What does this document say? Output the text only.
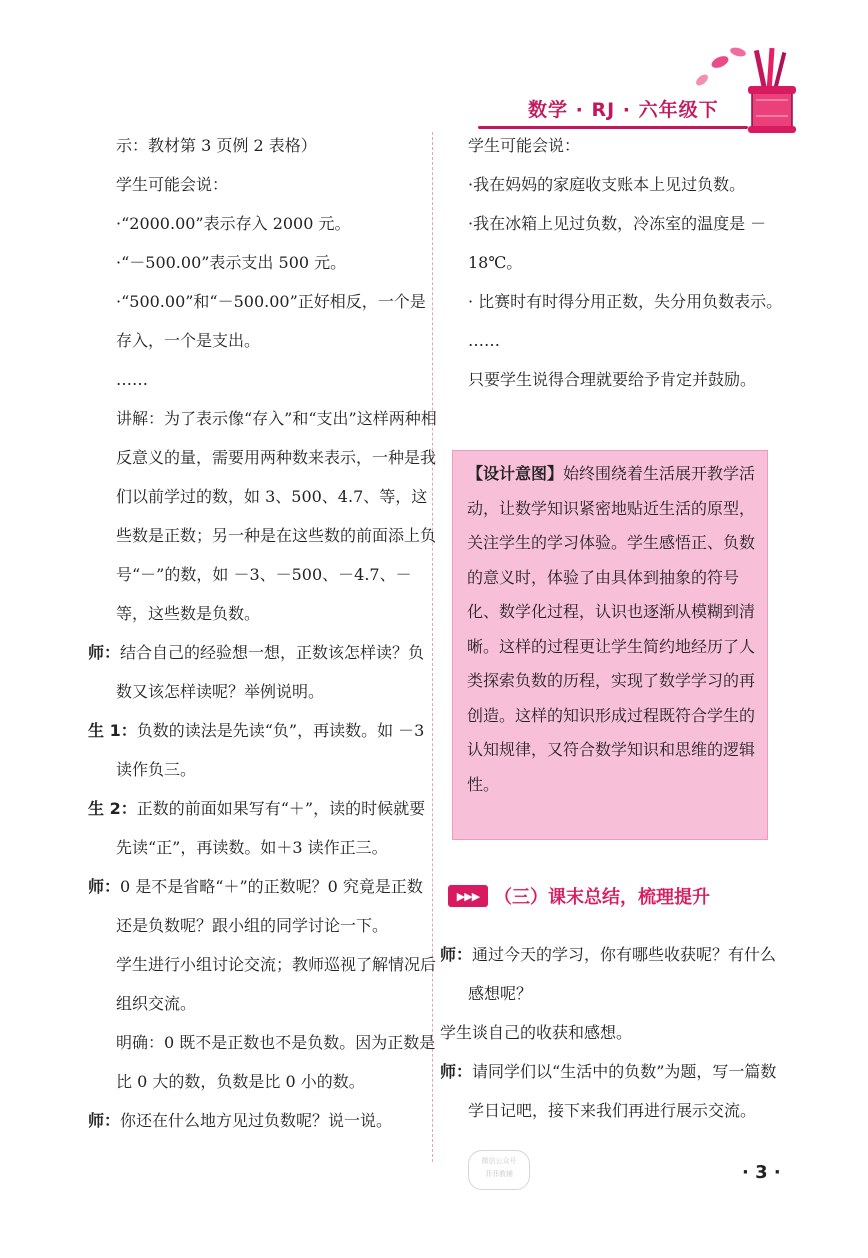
数学 · RJ · 六年级下

示：教材第 3 页例 2 表格）

学生可能会说：

·“2000.00”表示存入 2000 元。

·“－500.00”表示支出 500 元。

·“500.00”和“－500.00”正好相反，一个是存入，一个是支出。

……

讲解：为了表示像“存入”和“支出”这样两种相反意义的量，需要用两种数来表示，一种是我们以前学过的数，如 3、500、4.7、等，这些数是正数；另一种是在这些数的前面添上负号“－”的数，如 －3、－500、－4.7、－等，这些数是负数。

师：结合自己的经验想一想，正数该怎样读？负数又该怎样读呢？举例说明。

生 1：负数的读法是先读“负”，再读数。如 －3读作负三。

生 2：正数的前面如果写有“＋”，读的时候就要先读“正”，再读数。如＋3 读作正三。

师：0 是不是省略“＋”的正数呢？0 究竟是正数还是负数呢？跟小组的同学讨论一下。

学生进行小组讨论交流；教师巡视了解情况后组织交流。

明确：0 既不是正数也不是负数。因为正数是比 0 大的数，负数是比 0 小的数。

师：你还在什么地方见过负数呢？说一说。

学生可能会说：

·我在妈妈的家庭收支账本上见过负数。

·我在冰箱上见过负数，冷冻室的温度是 －18℃。

· 比赛时有时得分用正数，失分用负数表示。

……

只要学生说得合理就要给予肯定并鼓励。

【设计意图】始终围绕着生活展开教学活动，让数学知识紧密地贴近生活的原型，关注学生的学习体验。学生感悟正、负数的意义时，体验了由具体到抽象的符号化、数学化过程，认识也逐渐从模糊到清晰。这样的过程更让学生简约地经历了人类探索负数的历程，实现了数学学习的再创造。这样的知识形成过程既符合学生的认知规律，又符合数学知识和思维的逻辑性。

▶▶▶ （三）课末总结，梳理提升

师：通过今天的学习，你有哪些收获呢？有什么感想呢？

学生谈自己的收获和感想。

师：请同学们以“生活中的负数”为题，写一篇数学日记吧，接下来我们再进行展示交流。

微信公众号
菲菲教辅	· 3 ·
